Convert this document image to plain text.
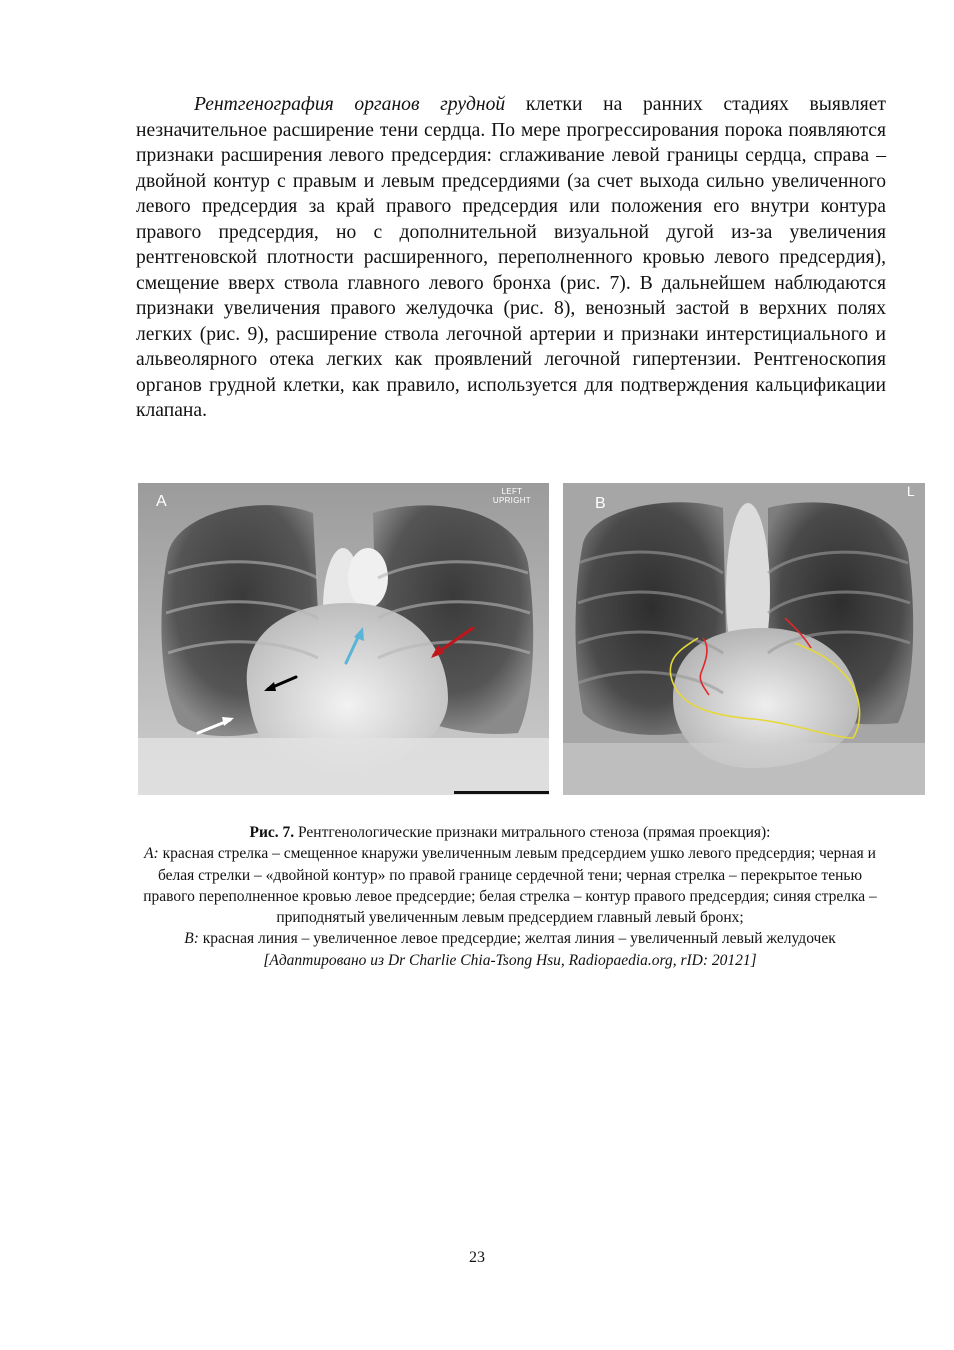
Рентгенография органов грудной клетки на ранних стадиях выявляет незначительное расширение тени сердца. По мере прогрессирования порока появляются признаки расширения левого предсердия: сглаживание левой границы сердца, справа – двойной контур с правым и левым предсердиями (за счет выхода сильно увеличенного левого предсердия за край правого предсердия или положения его внутри контура правого предсердия, но с дополнительной визуальной дугой из-за увеличения рентгеновской плотности расширенного, переполненного кровью левого предсердия), смещение вверх ствола главного левого бронха (рис. 7). В дальнейшем наблюдаются признаки увеличения правого желудочка (рис. 8), венозный застой в верхних полях легких (рис. 9), расширение ствола легочной артерии и признаки интерстициального и альвеолярного отека легких как проявлений легочной гипертензии. Рентгеноскопия органов грудной клетки, как правило, используется для подтверждения кальцификации клапана.

A
LEFT
UPRIGHT	B
L

Рис. 7. Рентгенологические признаки митрального стеноза (прямая проекция):
А: красная стрелка – смещенное кнаружи увеличенным левым предсердием ушко левого предсердия; черная и белая стрелки – «двойной контур» по правой границе сердечной тени; черная стрелка – перекрытое тенью правого переполненное кровью левое предсердие; белая стрелка – контур правого предсердия; синяя стрелка – приподнятый увеличенным левым предсердием главный левый бронх;
В: красная линия – увеличенное левое предсердие; желтая линия – увеличенный левый желудочек
[Адаптировано из Dr Charlie Chia-Tsong Hsu, Radiopaedia.org, rID: 20121]

23
